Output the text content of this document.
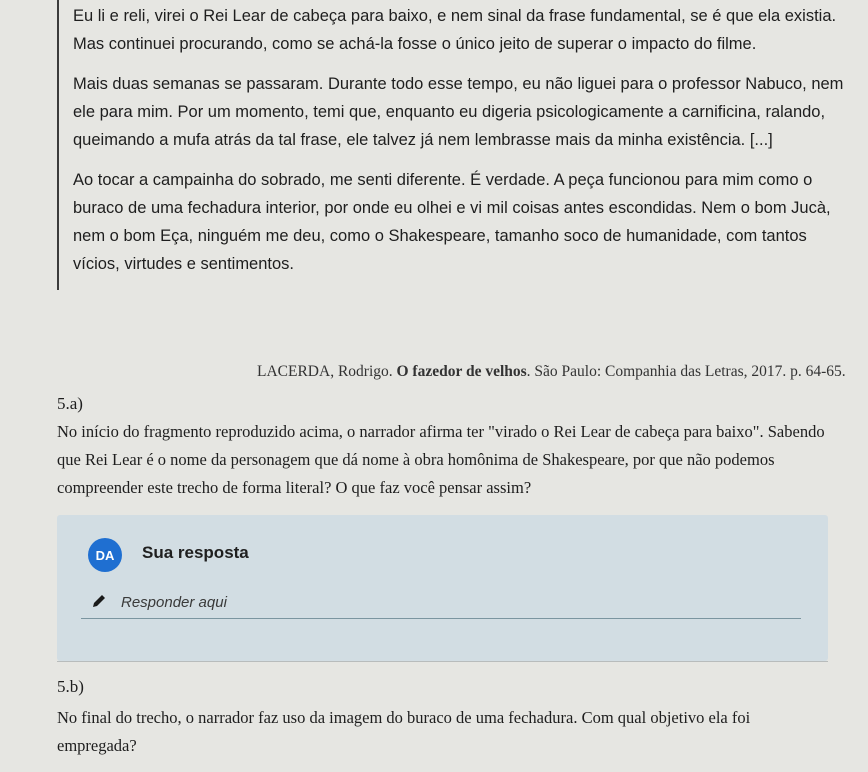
Eu li e reli, virei o Rei Lear de cabeça para baixo, e nem sinal da frase fundamental, se é que ela existia. Mas continuei procurando, como se achá-la fosse o único jeito de superar o impacto do filme.

Mais duas semanas se passaram. Durante todo esse tempo, eu não liguei para o professor Nabuco, nem ele para mim. Por um momento, temi que, enquanto eu digeria psicologicamente a carnificina, ralando, queimando a mufa atrás da tal frase, ele talvez já nem lembrasse mais da minha existência. [...]

Ao tocar a campainha do sobrado, me senti diferente. É verdade. A peça funcionou para mim como o buraco de uma fechadura interior, por onde eu olhei e vi mil coisas antes escondidas. Nem o bom Jucà, nem o bom Eça, ninguém me deu, como o Shakespeare, tamanho soco de humanidade, com tantos vícios, virtudes e sentimentos.

LACERDA, Rodrigo. O fazedor de velhos. São Paulo: Companhia das Letras, 2017. p. 64-65.
5.a)

No início do fragmento reproduzido acima, o narrador afirma ter "virado o Rei Lear de cabeça para baixo". Sabendo que Rei Lear é o nome da personagem que dá nome à obra homônima de Shakespeare, por que não podemos compreender este trecho de forma literal? O que faz você pensar assim?

DA	Sua resposta
Responder aqui
5.b)

No final do trecho, o narrador faz uso da imagem do buraco de uma fechadura. Com qual objetivo ela foi empregada?
